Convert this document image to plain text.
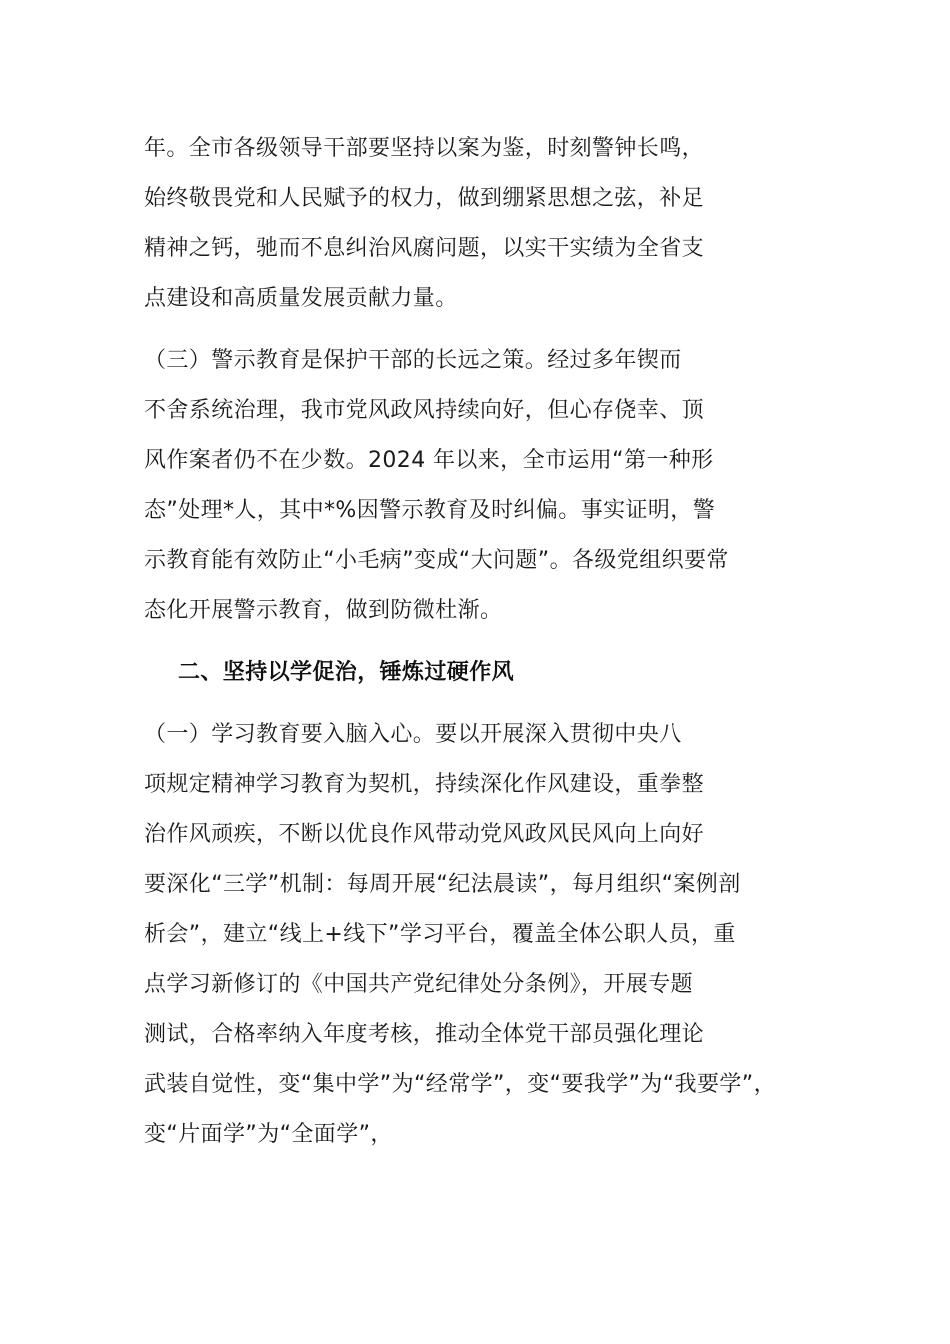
年。全市各级领导干部要坚持以案为鉴，时刻警钟长鸣，
始终敬畏党和人民赋予的权力，做到绷紧思想之弦，补足
精神之钙，驰而不息纠治风腐问题，以实干实绩为全省支
点建设和高质量发展贡献力量。
（三）警示教育是保护干部的长远之策。经过多年锲而
不舍系统治理，我市党风政风持续向好，但心存侥幸、顶
风作案者仍不在少数。2024 年以来，全市运用“第一种形
态”处理*人，其中*%因警示教育及时纠偏。事实证明，警
示教育能有效防止“小毛病”变成“大问题”。各级党组织要常
态化开展警示教育，做到防微杜渐。
二、坚持以学促治，锤炼过硬作风
（一）学习教育要入脑入心。要以开展深入贯彻中央八
项规定精神学习教育为契机，持续深化作风建设，重拳整
治作风顽疾，不断以优良作风带动党风政风民风向上向好
要深化“三学”机制：每周开展“纪法晨读”，每月组织“案例剖
析会”，建立“线上+线下”学习平台，覆盖全体公职人员，重
点学习新修订的《中国共产党纪律处分条例》，开展专题
测试，合格率纳入年度考核，推动全体党干部员强化理论
武装自觉性，变“集中学”为“经常学”，变“要我学”为“我要学”，
变“片面学”为“全面学”，
